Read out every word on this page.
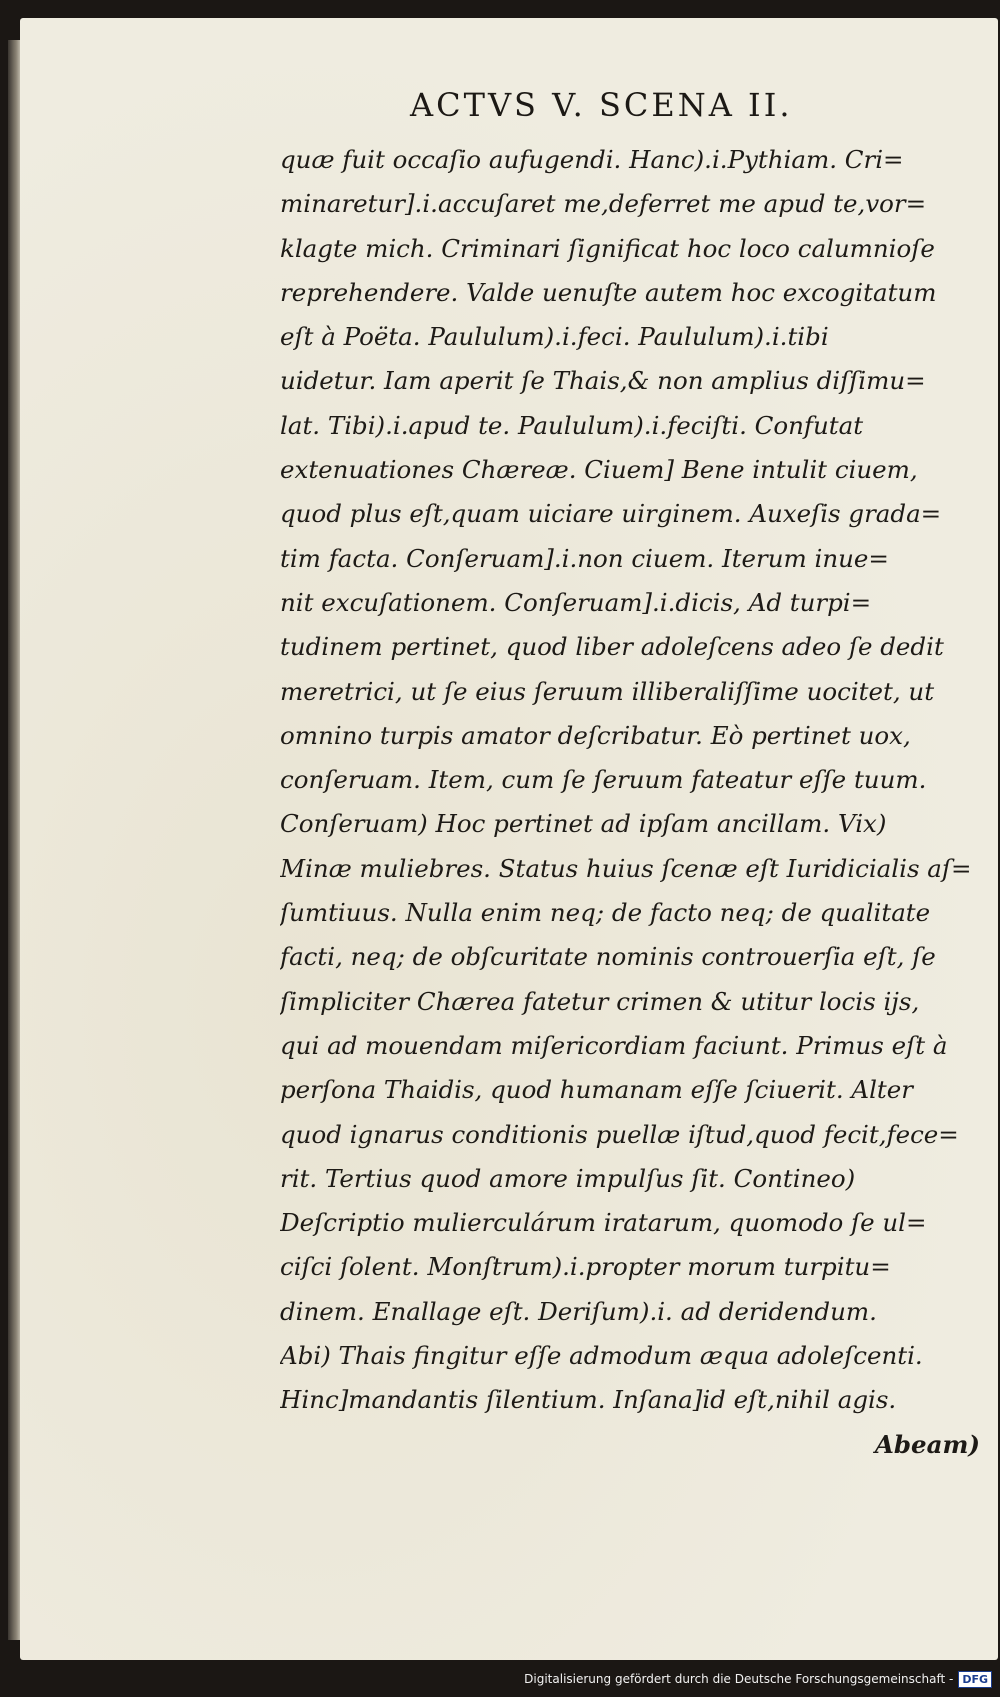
ACTVS V. SCENA II.
quæ fuit occaſio aufugendi. Hanc).i.Pythiam. Cri=
minaretur].i.accuſaret me,deferret me apud te,vor=
klagte mich. Criminari ſignificat hoc loco calumnioſe
reprehendere. Valde uenuſte autem hoc excogitatum
eſt à Poëta. Paululum).i.feci. Paululum).i.tibi
uidetur. Iam aperit ſe Thais,& non amplius diſſimu=
lat. Tibi).i.apud te. Paululum).i.feciſti. Confutat
extenuationes Chæreæ. Ciuem] Bene intulit ciuem,
quod plus eſt,quam uiciare uirginem. Auxeſis grada=
tim facta. Conſeruam].i.non ciuem. Iterum inue=
nit excuſationem. Conſeruam].i.dicis, Ad turpi=
tudinem pertinet, quod liber adoleſcens adeo ſe dedit
meretrici, ut ſe eius ſeruum illiberaliſſime uocitet, ut
omnino turpis amator deſcribatur. Eò pertinet uox,
conſeruam. Item, cum ſe ſeruum fateatur eſſe tuum.
Conſeruam) Hoc pertinet ad ipſam ancillam. Vix)
Minæ muliebres. Status huius ſcenæ eſt Iuridicialis aſ=
ſumtiuus. Nulla enim neq; de facto neq; de qualitate
facti, neq; de obſcuritate nominis controuerſia eſt, ſe
ſimpliciter Chærea fatetur crimen & utitur locis ijs,
qui ad mouendam miſericordiam faciunt. Primus eſt à
perſona Thaidis, quod humanam eſſe ſciuerit. Alter
quod ignarus conditionis puellæ iſtud,quod fecit,fece=
rit. Tertius quod amore impulſus ſit. Contineo)
Deſcriptio mulierculárum iratarum, quomodo ſe ul=
ciſci ſolent. Monſtrum).i.propter morum turpitu=
dinem. Enallage eſt. Deriſum).i. ad deridendum.
Abi) Thais fingitur eſſe admodum æqua adoleſcenti.
Hinc]mandantis ſilentium. Inſana]id eſt,nihil agis.
Abeam)
Digitalisierung gefördert durch die Deutsche Forschungsgemeinschaft - DFG
